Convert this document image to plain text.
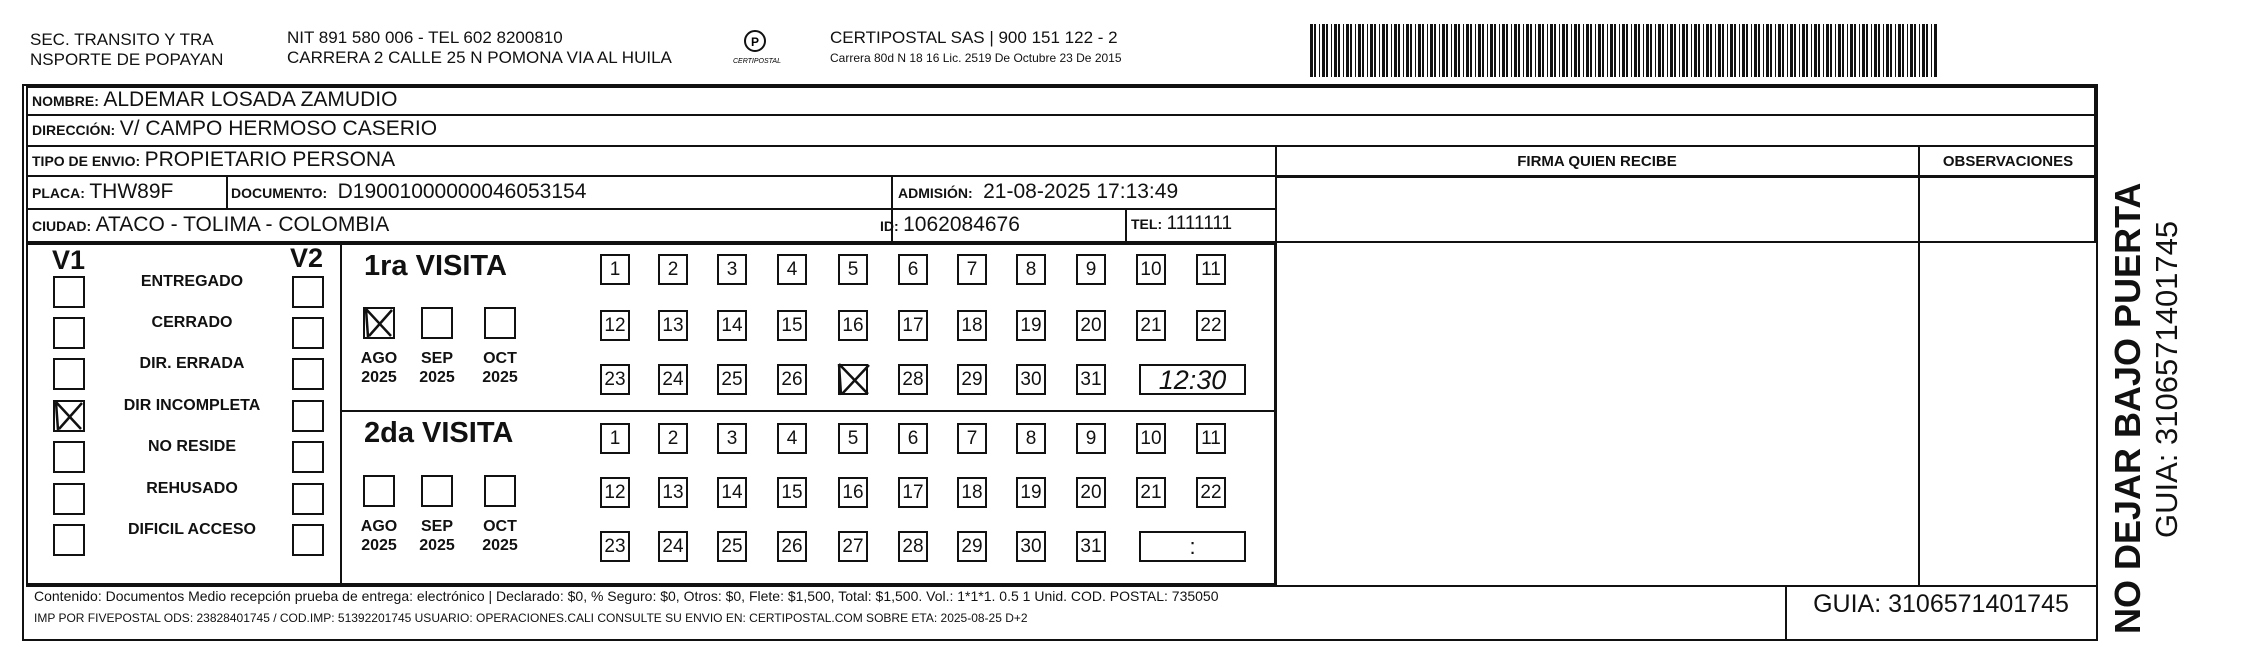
SEC. TRANSITO Y TRA
NSPORTE DE POPAYAN
NIT 891 580 006 - TEL 602 8200810
CARRERA 2 CALLE 25 N POMONA VIA AL HUILA
P
CERTIPOSTAL
CERTIPOSTAL SAS | 900 151 122 - 2
Carrera 80d N 18 16 Lic. 2519 De Octubre 23 De 2015
NOMBRE: ALDEMAR LOSADA ZAMUDIO
DIRECCIÓN: V/ CAMPO HERMOSO CASERIO
TIPO DE ENVIO: PROPIETARIO PERSONA
PLACA: THW89F	DOCUMENTO: D19001000000046053154	ADMISIÓN: 21-08-2025 17:13:49
CIUDAD: ATACO - TOLIMA - COLOMBIA	ID: 1062084676	TEL: 1111111
FIRMA QUIEN RECIBE	OBSERVACIONES
V1	V2
ENTREGADO
CERRADO
DIR. ERRADA
DIR INCOMPLETA
NO RESIDE
REHUSADO
DIFICIL ACCESO
1ra VISITA
AGO
2025
SEP
2025
OCT
2025
1	2	3	4	5	6	7	8	9	10 11
12 13 14 15 16 17 18 19 20 21 22
23 24 25 26	28 29 30 31	12:30
2da VISITA
AGO
2025
SEP
2025
OCT
2025
1	2	3	4	5	6	7	8	9	10 11
12 13 14 15 16 17 18 19 20 21 22
23 24 25 26 27 28 29 30 31	:
Contenido: Documentos Medio recepción prueba de entrega: electrónico | Declarado: $0, % Seguro: $0, Otros: $0, Flete: $1,500, Total: $1,500. Vol.: 1*1*1. 0.5 1 Unid. COD. POSTAL: 735050
IMP POR FIVEPOSTAL ODS: 23828401745 / COD.IMP: 51392201745 USUARIO: OPERACIONES.CALI CONSULTE SU ENVIO EN: CERTIPOSTAL.COM SOBRE ETA: 2025-08-25 D+2	GUIA: 3106571401745	NO DEJAR BAJO PUERTA GUIA: 3106571401745
